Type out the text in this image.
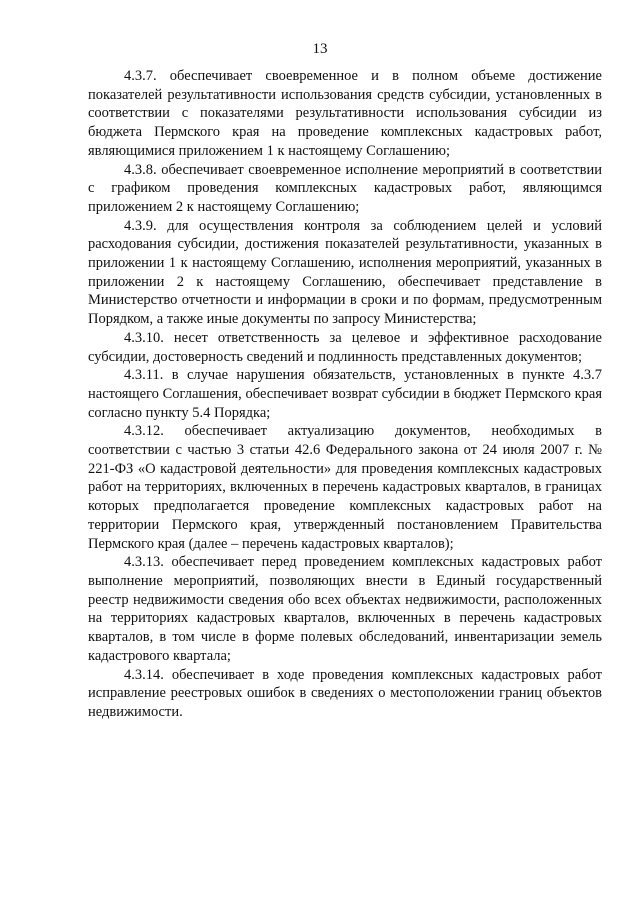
13

4.3.7. обеспечивает своевременное и в полном объеме достижение показателей результативности использования средств субсидии, установленных в соответствии с показателями результативности использования субсидии из бюджета Пермского края на проведение комплексных кадастровых работ, являющимися приложением 1 к настоящему Соглашению;

4.3.8. обеспечивает своевременное исполнение мероприятий в соответствии с графиком проведения комплексных кадастровых работ, являющимся приложением 2 к настоящему Соглашению;

4.3.9. для осуществления контроля за соблюдением целей и условий расходования субсидии, достижения показателей результативности, указанных в приложении 1 к настоящему Соглашению, исполнения мероприятий, указанных в приложении 2 к настоящему Соглашению, обеспечивает представление в Министерство отчетности и информации в сроки и по формам, предусмотренным Порядком, а также иные документы по запросу Министерства;

4.3.10. несет ответственность за целевое и эффективное расходование субсидии, достоверность сведений и подлинность представленных документов;

4.3.11. в случае нарушения обязательств, установленных в пункте 4.3.7 настоящего Соглашения, обеспечивает возврат субсидии в бюджет Пермского края согласно пункту 5.4 Порядка;

4.3.12. обеспечивает актуализацию документов, необходимых в соответствии с частью 3 статьи 42.6 Федерального закона от 24 июля 2007 г. № 221-ФЗ «О кадастровой деятельности» для проведения комплексных кадастровых работ на территориях, включенных в перечень кадастровых кварталов, в границах которых предполагается проведение комплексных кадастровых работ на территории Пермского края, утвержденный постановлением Правительства Пермского края (далее – перечень кадастровых кварталов);

4.3.13. обеспечивает перед проведением комплексных кадастровых работ выполнение мероприятий, позволяющих внести в Единый государственный реестр недвижимости сведения обо всех объектах недвижимости, расположенных на территориях кадастровых кварталов, включенных в перечень кадастровых кварталов, в том числе в форме полевых обследований, инвентаризации земель кадастрового квартала;

4.3.14. обеспечивает в ходе проведения комплексных кадастровых работ исправление реестровых ошибок в сведениях о местоположении границ объектов недвижимости.
